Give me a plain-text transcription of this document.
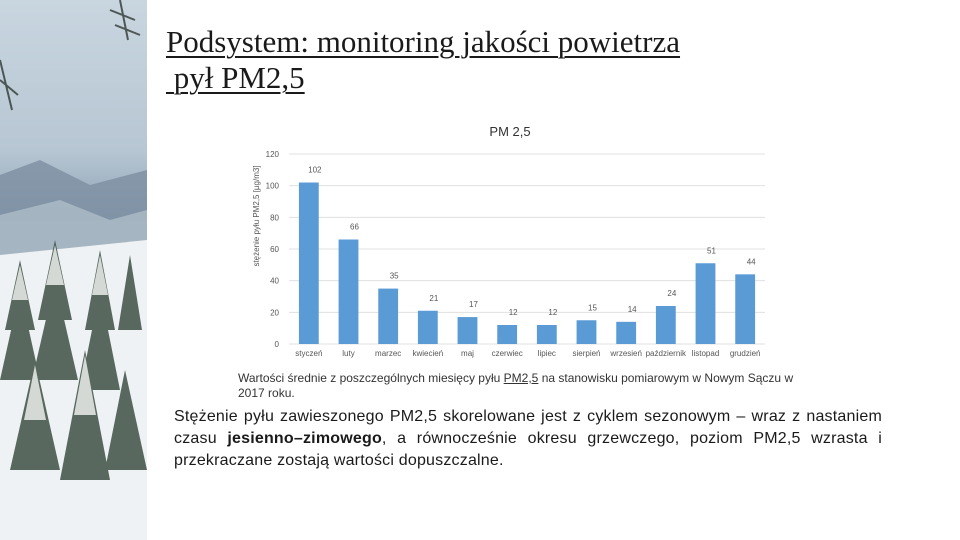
Podsystem: monitoring jakości powietrza
pył PM2,5
PM 2,5
stężenie pyłu PM2,5 [µg/m3]
0
20
40
60
80
100
120
102
66
35
21
17
12	12
15	14
24
51
44
styczeń luty	marzec kwiecień maj czerwiec lipiec sierpień wrzesień październik listopad grudzień
Wartości średnie z poszczególnych miesięcy pyłu PM2,5 na stanowisku pomiarowym w Nowym Sączu w 2017 roku.
Stężenie pyłu zawieszonego PM2,5 skorelowane jest z cyklem sezonowym – wraz z nastaniem czasu jesienno–zimowego, a równocześnie okresu grzewczego, poziom PM2,5 wzrasta i przekraczane zostają wartości dopuszczalne.
